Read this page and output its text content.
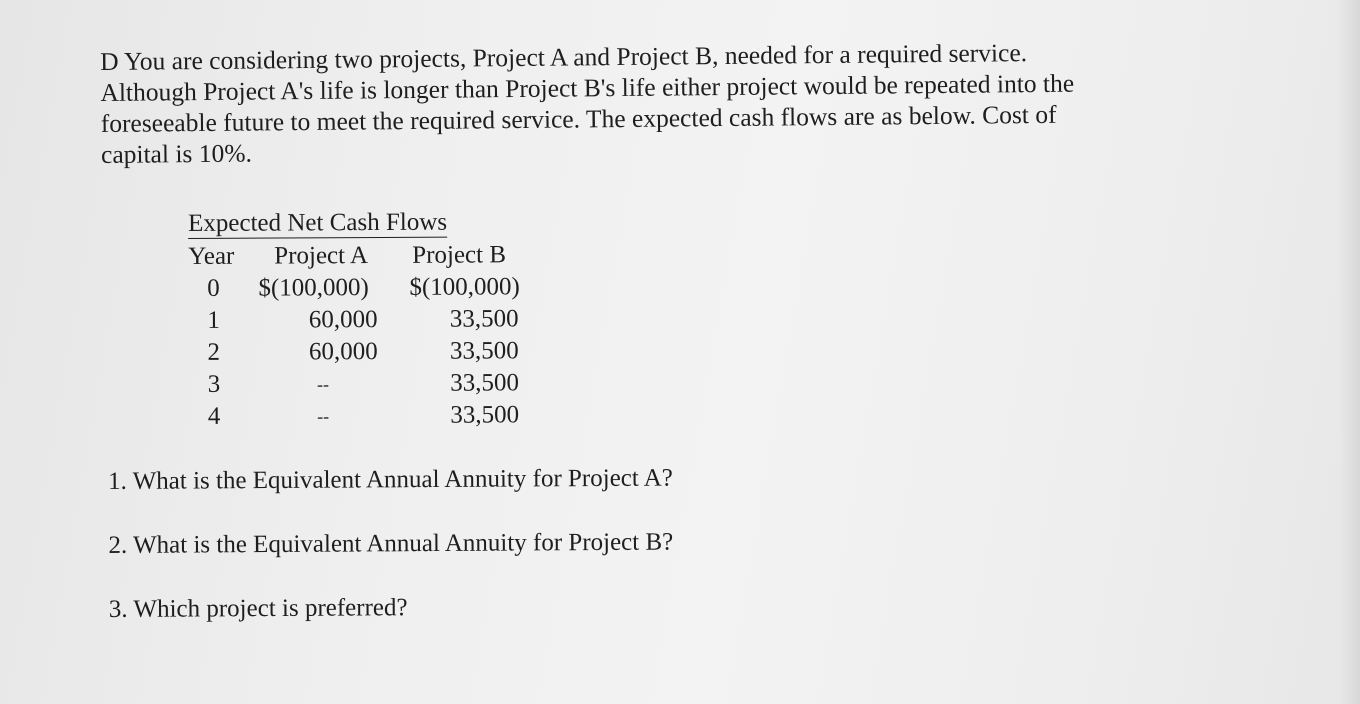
D You are considering two projects, Project A and Project B, needed for a required service.

Although Project A's life is longer than Project B's life either project would be repeated into the

foreseeable future to meet the required service. The expected cash flows are as below. Cost of

capital is 10%.

Expected Net Cash Flows
Year Project A Project B
0	$(100,000)	$(100,000)
1	60,000	33,500
2	60,000	33,500
3	--	33,500
4	--	33,500

1. What is the Equivalent Annual Annuity for Project A?

2. What is the Equivalent Annual Annuity for Project B?

3. Which project is preferred?
